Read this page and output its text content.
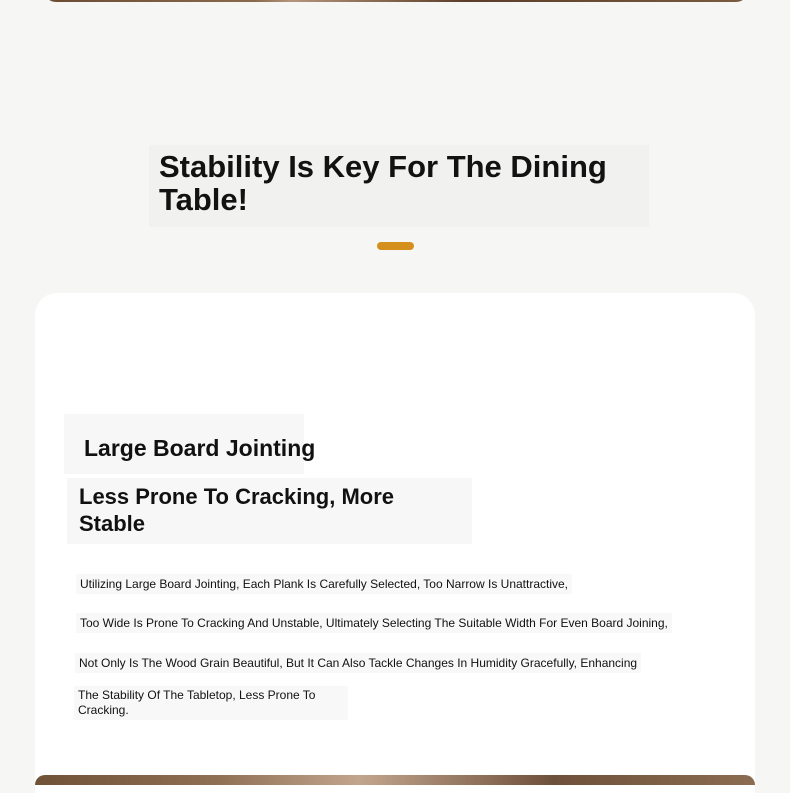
Stability Is Key For The Dining Table!
Large Board Jointing
Less Prone To Cracking, More Stable

Utilizing Large Board Jointing, Each Plank Is Carefully Selected, Too Narrow Is Unattractive,

Too Wide Is Prone To Cracking And Unstable, Ultimately Selecting The Suitable Width For Even Board Joining,

Not Only Is The Wood Grain Beautiful, But It Can Also Tackle Changes In Humidity Gracefully, Enhancing

The Stability Of The Tabletop, Less Prone To Cracking.
